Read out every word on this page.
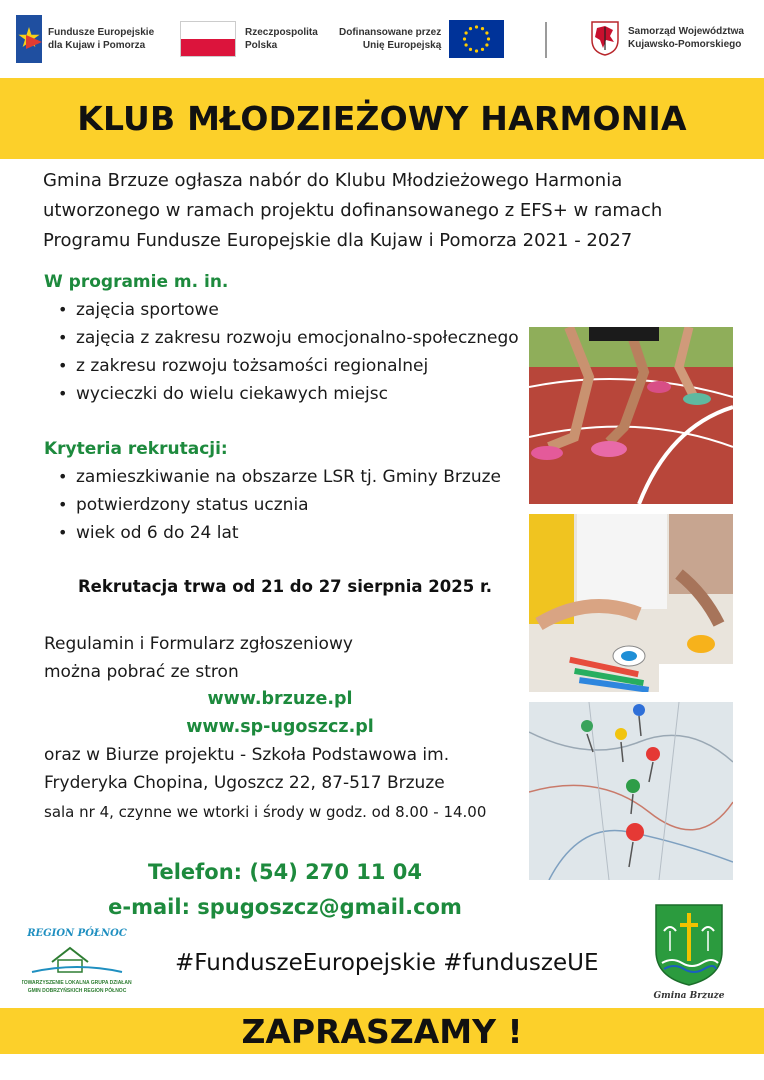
Fundusze Europejskie
dla Kujaw i Pomorza
Rzeczpospolita
Polska
Dofinansowane przez
Unię Europejską
Samorząd Województwa
Kujawsko-Pomorskiego
KLUB MŁODZIEŻOWY HARMONIA
Gmina Brzuze ogłasza nabór do Klubu Młodzieżowego Harmonia
utworzonego w ramach projektu dofinansowanego z EFS+ w ramach
Programu Fundusze Europejskie dla Kujaw i Pomorza 2021 - 2027
W programie m. in.
• zajęcia sportowe
• zajęcia z zakresu rozwoju emocjonalno-społecznego
• z zakresu rozwoju tożsamości regionalnej
• wycieczki do wielu ciekawych miejsc
Kryteria rekrutacji:
• zamieszkiwanie na obszarze LSR tj. Gminy Brzuze
• potwierdzony status ucznia
• wiek od 6 do 24 lat
Rekrutacja trwa od 21 do 27 sierpnia 2025 r.
Regulamin i Formularz zgłoszeniowy
można pobrać ze stron
www.brzuze.pl
www.sp-ugoszcz.pl
oraz w Biurze projektu - Szkoła Podstawowa im.
Fryderyka Chopina, Ugoszcz 22, 87-517 Brzuze
sala nr 4, czynne we wtorki i środy w godz. od 8.00 - 14.00
Telefon: (54) 270 11 04
e-mail: spugoszcz@gmail.com
#FunduszeEuropejskie #funduszeUE
REGION PÓŁNOC
STOWARZYSZENIE LOKALNA GRUPA DZIAŁANIA
GMIN DOBRZYŃSKICH REGION PÓŁNOC	Gmina Brzuze
ZAPRASZAMY !
